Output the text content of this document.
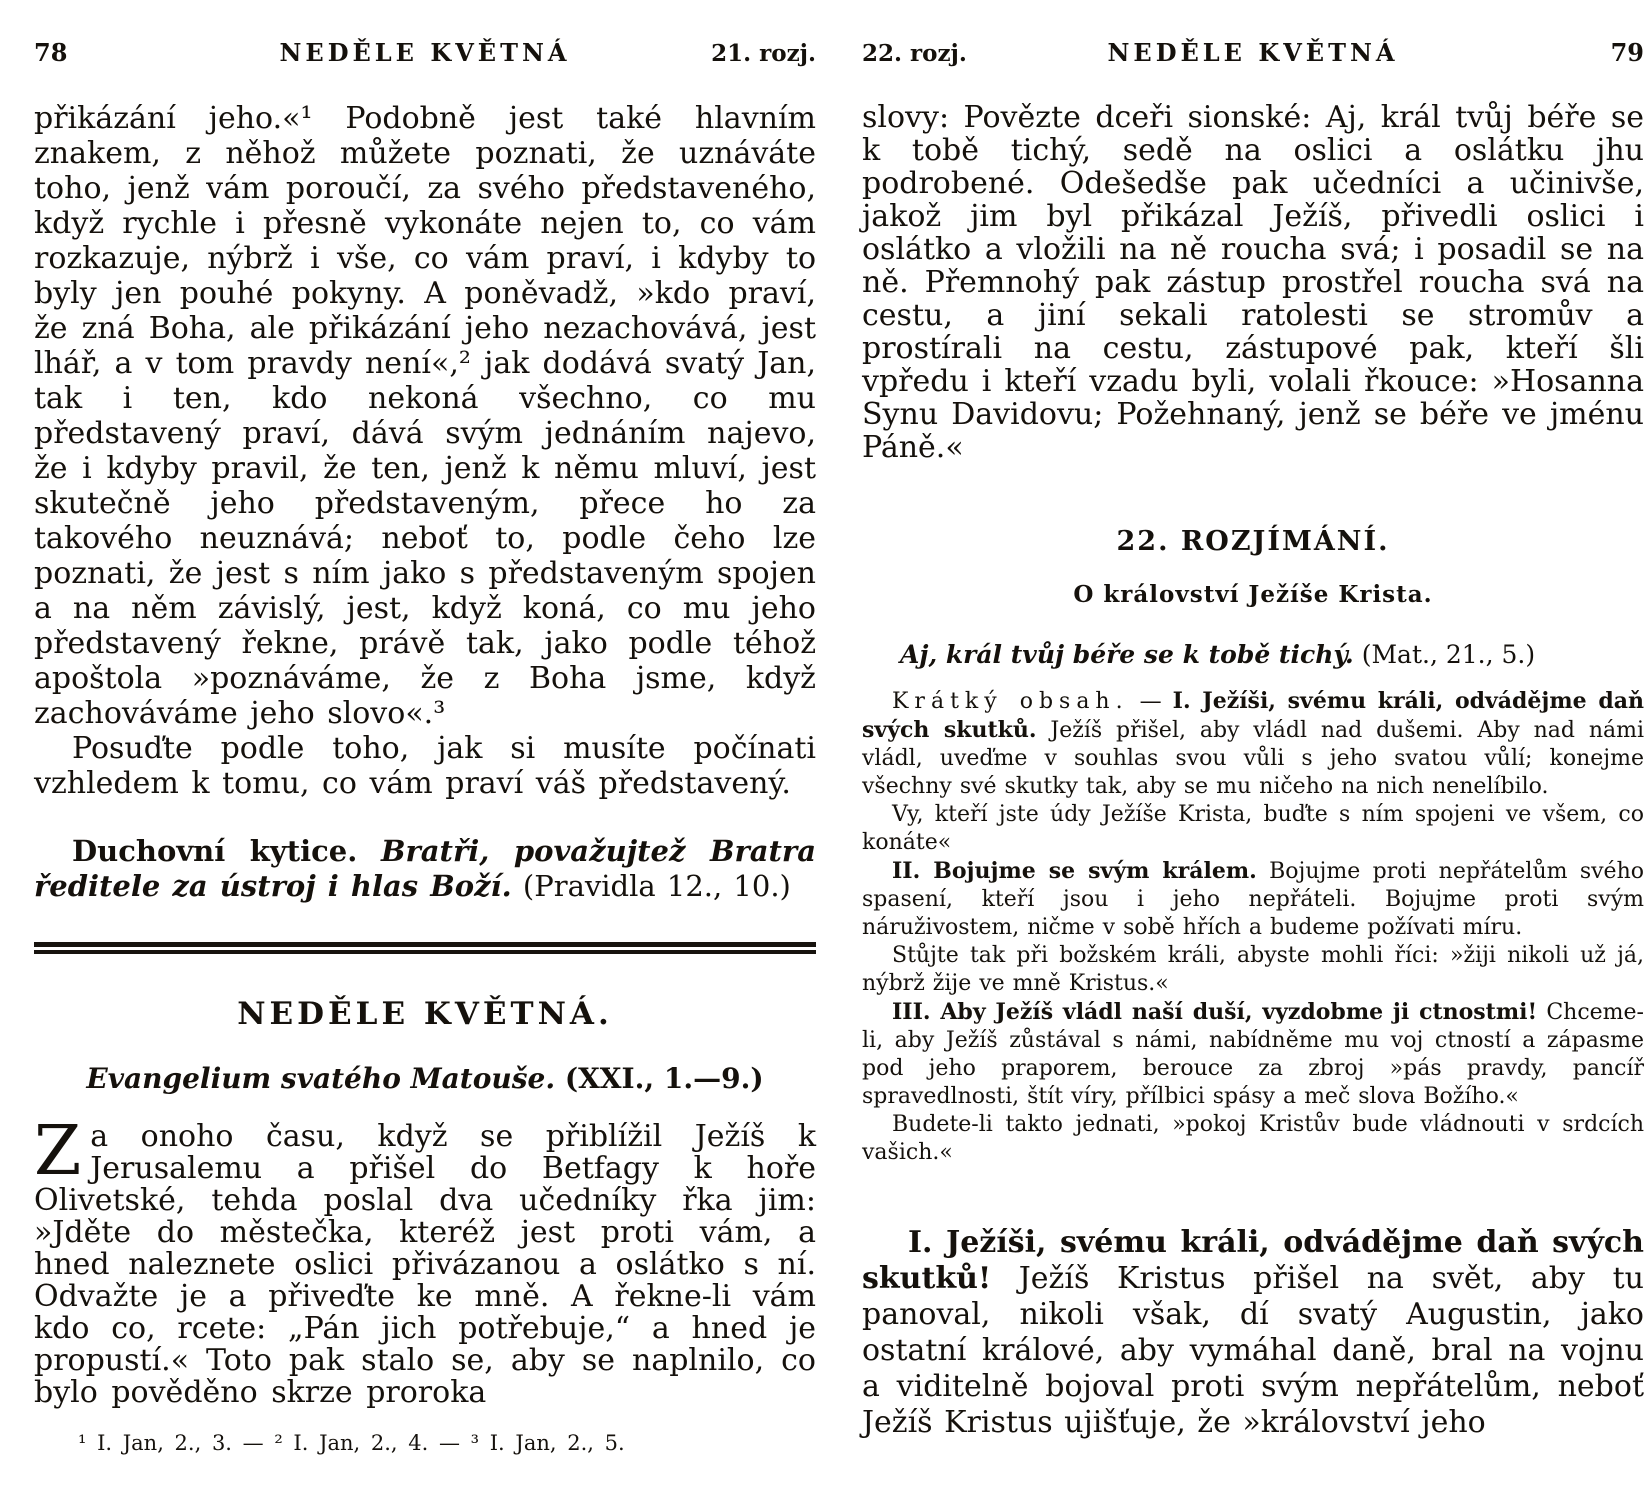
78	NEDĚLE KVĚTNÁ	21. rozj.

přikázání jeho.«¹ Podobně jest také hlavním znakem, z něhož můžete poznati, že uznáváte toho, jenž vám poroučí, za svého představeného, když rychle i přesně vykonáte nejen to, co vám rozkazuje, nýbrž i vše, co vám praví, i kdyby to byly jen pouhé pokyny. A poněvadž, »kdo praví, že zná Boha, ale přikázání jeho nezachovává, jest lhář, a v tom pravdy není«,² jak dodává svatý Jan, tak i ten, kdo nekoná všechno, co mu představený praví, dává svým jednáním najevo, že i kdyby pravil, že ten, jenž k němu mluví, jest skutečně jeho představeným, přece ho za takového neuznává; neboť to, podle čeho lze poznati, že jest s ním jako s představeným spojen a na něm závislý, jest, když koná, co mu jeho představený řekne, právě tak, jako podle téhož apoštola »poznáváme, že z Boha jsme, když zachováváme jeho slovo«.³

Posuďte podle toho, jak si musíte počínati vzhledem k tomu, co vám praví váš představený.

Duchovní kytice. Bratři, považujtež Bratra ředitele za ústroj i hlas Boží. (Pravidla 12., 10.)

NEDĚLE KVĚTNÁ.
Evangelium svatého Matouše. (XXI., 1.—9.)

Za onoho času, když se přiblížil Ježíš k Jerusalemu a přišel do Betfagy k hoře Olivetské, tehda poslal dva učedníky řka jim: »Jděte do městečka, kteréž jest proti vám, a hned naleznete oslici přivázanou a oslátko s ní. Odvažte je a přiveďte ke mně. A řekne-li vám kdo co, rcete: „Pán jich potřebuje,“ a hned je propustí.« Toto pak stalo se, aby se naplnilo, co bylo pověděno skrze proroka

¹ I. Jan, 2., 3. — ² I. Jan, 2., 4. — ³ I. Jan, 2., 5.

22. rozj.	NEDĚLE KVĚTNÁ	79

slovy: Povězte dceři sionské: Aj, král tvůj béře se k tobě tichý, sedě na oslici a oslátku jhu podrobené. Odešedše pak učedníci a učinivše, jakož jim byl přikázal Ježíš, přivedli oslici i oslátko a vložili na ně roucha svá; i posadil se na ně. Přemnohý pak zástup prostřel roucha svá na cestu, a jiní sekali ratolesti se stromův a prostírali na cestu, zástupové pak, kteří šli vpředu i kteří vzadu byli, volali řkouce: »Hosanna Synu Davidovu; Požehnaný, jenž se béře ve jménu Páně.«

22. ROZJÍMÁNÍ.
O království Ježíše Krista.

Aj, král tvůj béře se k tobě tichý. (Mat., 21., 5.)

Krátký obsah. — I. Ježíši, svému králi, odvádějme daň svých skutků. Ježíš přišel, aby vládl nad dušemi. Aby nad námi vládl, uveďme v souhlas svou vůli s jeho svatou vůlí; konejme všechny své skutky tak, aby se mu ničeho na nich nenelíbilo.

Vy, kteří jste údy Ježíše Krista, buďte s ním spojeni ve všem, co konáte«

II. Bojujme se svým králem. Bojujme proti nepřátelům svého spasení, kteří jsou i jeho nepřáteli. Bojujme proti svým náruživostem, ničme v sobě hřích a budeme požívati míru.

Stůjte tak při božském králi, abyste mohli říci: »žiji nikoli už já, nýbrž žije ve mně Kristus.«

III. Aby Ježíš vládl naší duší, vyzdobme ji ctnostmi! Chceme-li, aby Ježíš zůstával s námi, nabídněme mu voj ctností a zápasme pod jeho praporem, berouce za zbroj »pás pravdy, pancíř spravedlnosti, štít víry, přílbici spásy a meč slova Božího.«

Budete-li takto jednati, »pokoj Kristův bude vládnouti v srdcích vašich.«

I. Ježíši, svému králi, odvádějme daň svých skutků! Ježíš Kristus přišel na svět, aby tu panoval, nikoli však, dí svatý Augustin, jako ostatní králové, aby vymáhal daně, bral na vojnu a viditelně bojoval proti svým nepřátelům, neboť Ježíš Kristus ujišťuje, že »království jeho
